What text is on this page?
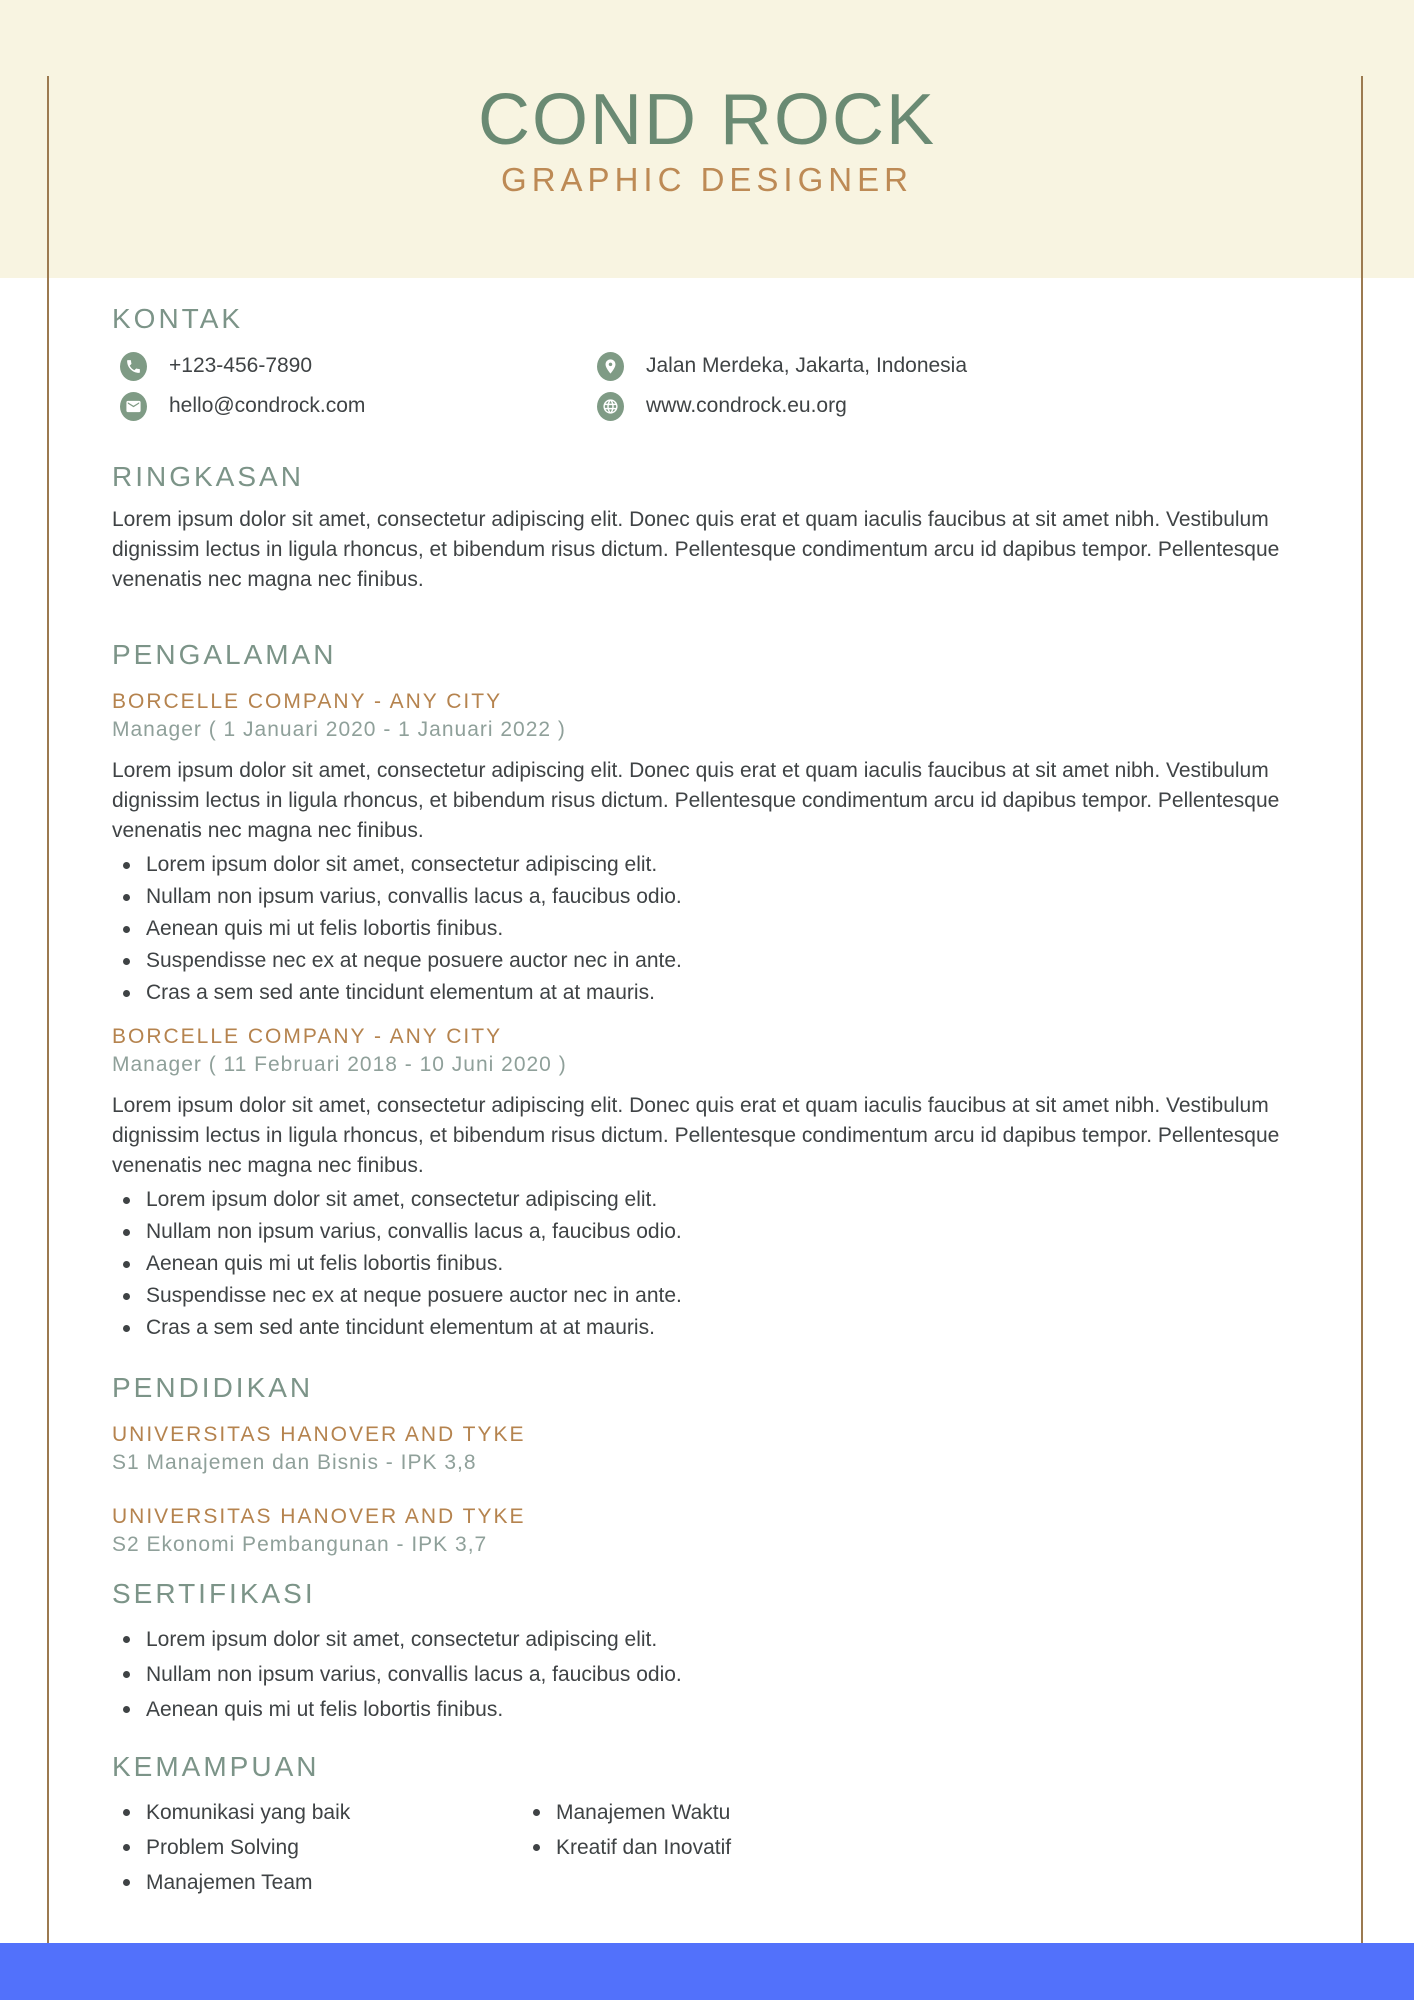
COND ROCK
GRAPHIC DESIGNER
KONTAK
+123-456-7890	Jalan Merdeka, Jakarta, Indonesia
hello@condrock.com	www.condrock.eu.org
RINGKASAN

Lorem ipsum dolor sit amet, consectetur adipiscing elit. Donec quis erat et quam iaculis faucibus at sit amet nibh. Vestibulum dignissim lectus in ligula rhoncus, et bibendum risus dictum. Pellentesque condimentum arcu id dapibus tempor. Pellentesque venenatis nec magna nec finibus.

PENGALAMAN
BORCELLE COMPANY - ANY CITY
Manager ( 1 Januari 2020 - 1 Januari 2022 )

Lorem ipsum dolor sit amet, consectetur adipiscing elit. Donec quis erat et quam iaculis faucibus at sit amet nibh. Vestibulum dignissim lectus in ligula rhoncus, et bibendum risus dictum. Pellentesque condimentum arcu id dapibus tempor. Pellentesque venenatis nec magna nec finibus.

Lorem ipsum dolor sit amet, consectetur adipiscing elit.
Nullam non ipsum varius, convallis lacus a, faucibus odio.
Aenean quis mi ut felis lobortis finibus.
Suspendisse nec ex at neque posuere auctor nec in ante.
Cras a sem sed ante tincidunt elementum at at mauris.
BORCELLE COMPANY - ANY CITY
Manager ( 11 Februari 2018 - 10 Juni 2020 )

Lorem ipsum dolor sit amet, consectetur adipiscing elit. Donec quis erat et quam iaculis faucibus at sit amet nibh. Vestibulum dignissim lectus in ligula rhoncus, et bibendum risus dictum. Pellentesque condimentum arcu id dapibus tempor. Pellentesque venenatis nec magna nec finibus.

Lorem ipsum dolor sit amet, consectetur adipiscing elit.
Nullam non ipsum varius, convallis lacus a, faucibus odio.
Aenean quis mi ut felis lobortis finibus.
Suspendisse nec ex at neque posuere auctor nec in ante.
Cras a sem sed ante tincidunt elementum at at mauris.
PENDIDIKAN
UNIVERSITAS HANOVER AND TYKE
S1 Manajemen dan Bisnis - IPK 3,8
UNIVERSITAS HANOVER AND TYKE
S2 Ekonomi Pembangunan - IPK 3,7
SERTIFIKASI
Lorem ipsum dolor sit amet, consectetur adipiscing elit.
Nullam non ipsum varius, convallis lacus a, faucibus odio.
Aenean quis mi ut felis lobortis finibus.
KEMAMPUAN
Komunikasi yang baik
Problem Solving
Manajemen Team
Manajemen Waktu
Kreatif dan Inovatif
